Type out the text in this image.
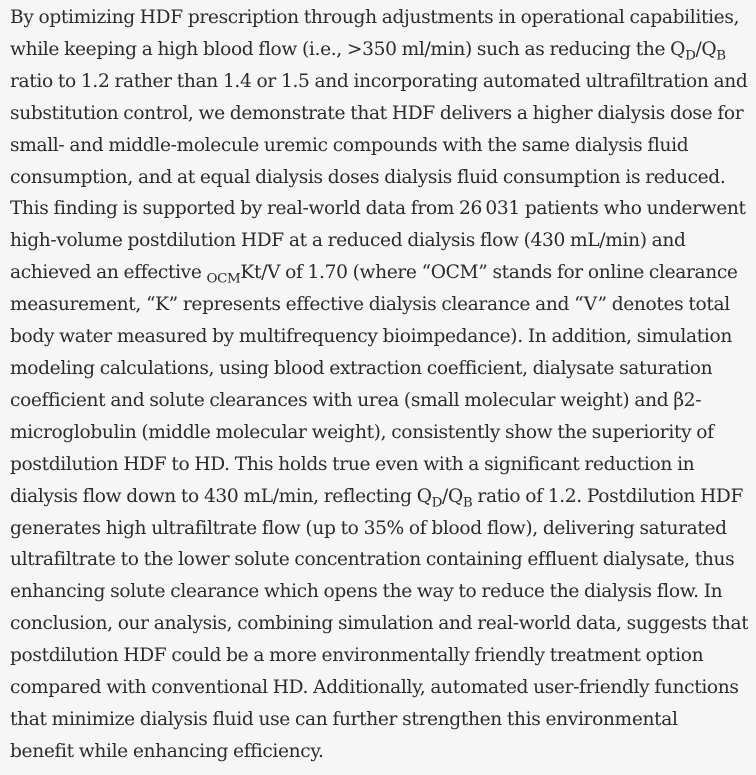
By optimizing HDF prescription through adjustments in operational capabilities,
while keeping a high blood flow (i.e., >350 ml/min) such as reducing the $Q_D/Q_B$
ratio to 1.2 rather than 1.4 or 1.5 and incorporating automated ultrafiltration and
substitution control, we demonstrate that HDF delivers a higher dialysis dose for
small- and middle-molecule uremic compounds with the same dialysis fluid
consumption, and at equal dialysis doses dialysis fluid consumption is reduced.
This finding is supported by real-world data from 26 031 patients who underwent
high-volume postdilution HDF at a reduced dialysis flow (430 mL/min) and
achieved an effective $_{OCM}$Kt/V of 1.70 (where “OCM” stands for online clearance
measurement, “K” represents effective dialysis clearance and “V” denotes total
body water measured by multifrequency bioimpedance). In addition, simulation
modeling calculations, using blood extraction coefficient, dialysate saturation
coefficient and solute clearances with urea (small molecular weight) and β2-
microglobulin (middle molecular weight), consistently show the superiority of
postdilution HDF to HD. This holds true even with a significant reduction in
dialysis flow down to 430 mL/min, reflecting $Q_D/Q_B$ ratio of 1.2. Postdilution HDF
generates high ultrafiltrate flow (up to 35% of blood flow), delivering saturated
ultrafiltrate to the lower solute concentration containing effluent dialysate, thus
enhancing solute clearance which opens the way to reduce the dialysis flow. In
conclusion, our analysis, combining simulation and real-world data, suggests that
postdilution HDF could be a more environmentally friendly treatment option
compared with conventional HD. Additionally, automated user-friendly functions
that minimize dialysis fluid use can further strengthen this environmental
benefit while enhancing efficiency.
